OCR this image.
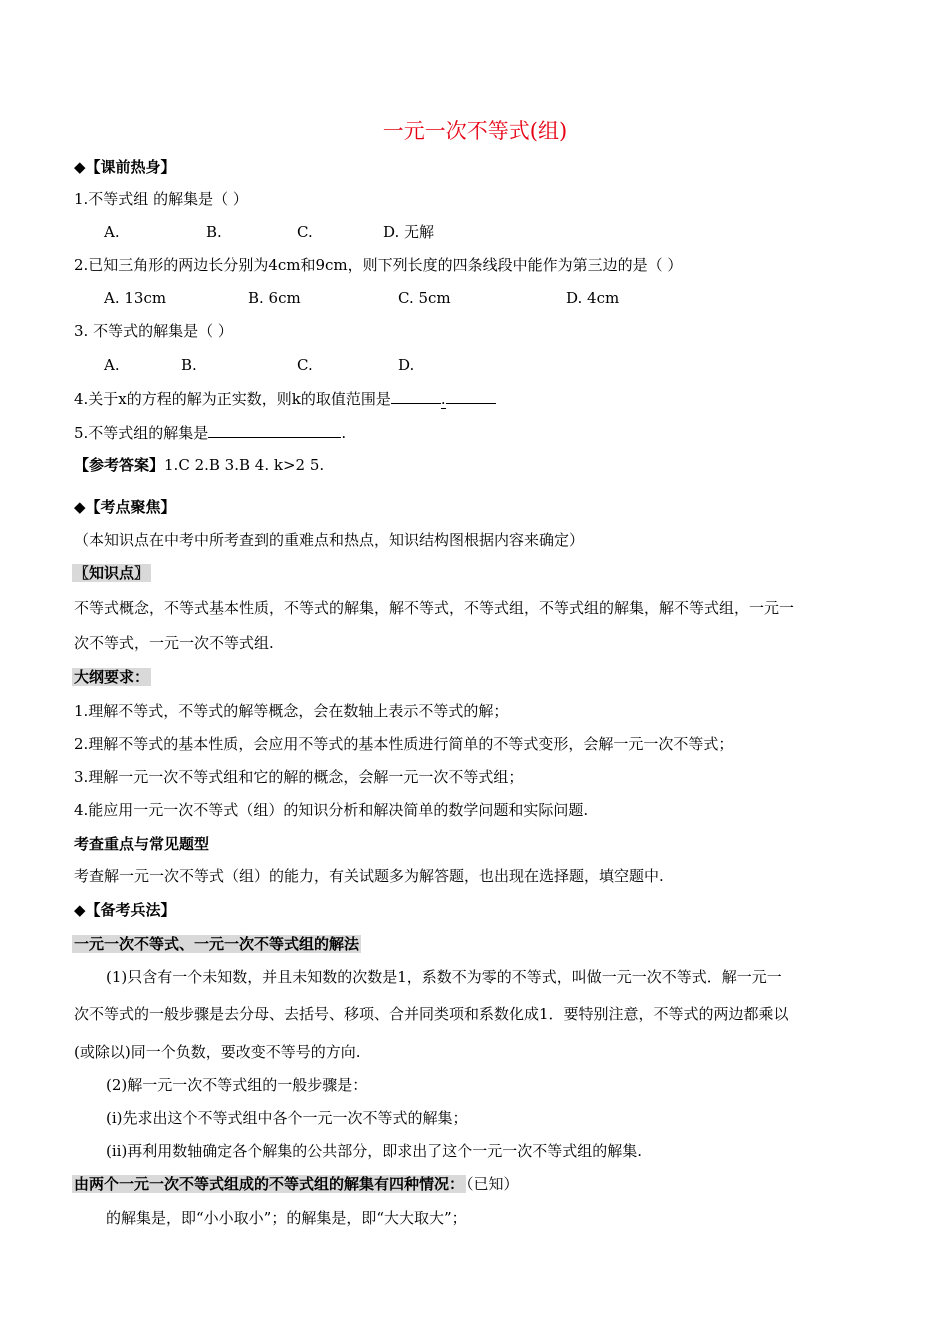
一元一次不等式(组)
◆【课前热身】
1.不等式组 的解集是（ ）
A.	B.	C.	D. 无解
2.已知三角形的两边长分别为4cm和9cm，则下列长度的四条线段中能作为第三边的是（ ）
A. 13cm	B. 6cm	C. 5cm	D. 4cm
3. 不等式的解集是（ ）
A.	B.	C.	D.
4.关于x的方程的解为正实数，则k的取值范围是	.
5.不等式组的解集是	.
【参考答案】1.C 2.B 3.B 4. k>2 5.
◆【考点聚焦】
（本知识点在中考中所考查到的重难点和热点，知识结构图根据内容来确定）
〖知识点〗
不等式概念，不等式基本性质，不等式的解集，解不等式，不等式组，不等式组的解集，解不等式组，一元一
次不等式，一元一次不等式组.
大纲要求：
1.理解不等式，不等式的解等概念，会在数轴上表示不等式的解；
2.理解不等式的基本性质，会应用不等式的基本性质进行简单的不等式变形，会解一元一次不等式；
3.理解一元一次不等式组和它的解的概念，会解一元一次不等式组；
4.能应用一元一次不等式（组）的知识分析和解决简单的数学问题和实际问题.
考查重点与常见题型
考查解一元一次不等式（组）的能力，有关试题多为解答题，也出现在选择题，填空题中.
◆【备考兵法】
一元一次不等式、一元一次不等式组的解法
(1)只含有一个未知数，并且未知数的次数是1，系数不为零的不等式，叫做一元一次不等式．解一元一
次不等式的一般步骤是去分母、去括号、移项、合并同类项和系数化成1．要特别注意，不等式的两边都乘以
(或除以)同一个负数，要改变不等号的方向.
(2)解一元一次不等式组的一般步骤是：
(i)先求出这个不等式组中各个一元一次不等式的解集；
(ii)再利用数轴确定各个解集的公共部分，即求出了这个一元一次不等式组的解集.
由两个一元一次不等式组成的不等式组的解集有四种情况： （已知）
的解集是，即“小小取小”；的解集是，即“大大取大”；
